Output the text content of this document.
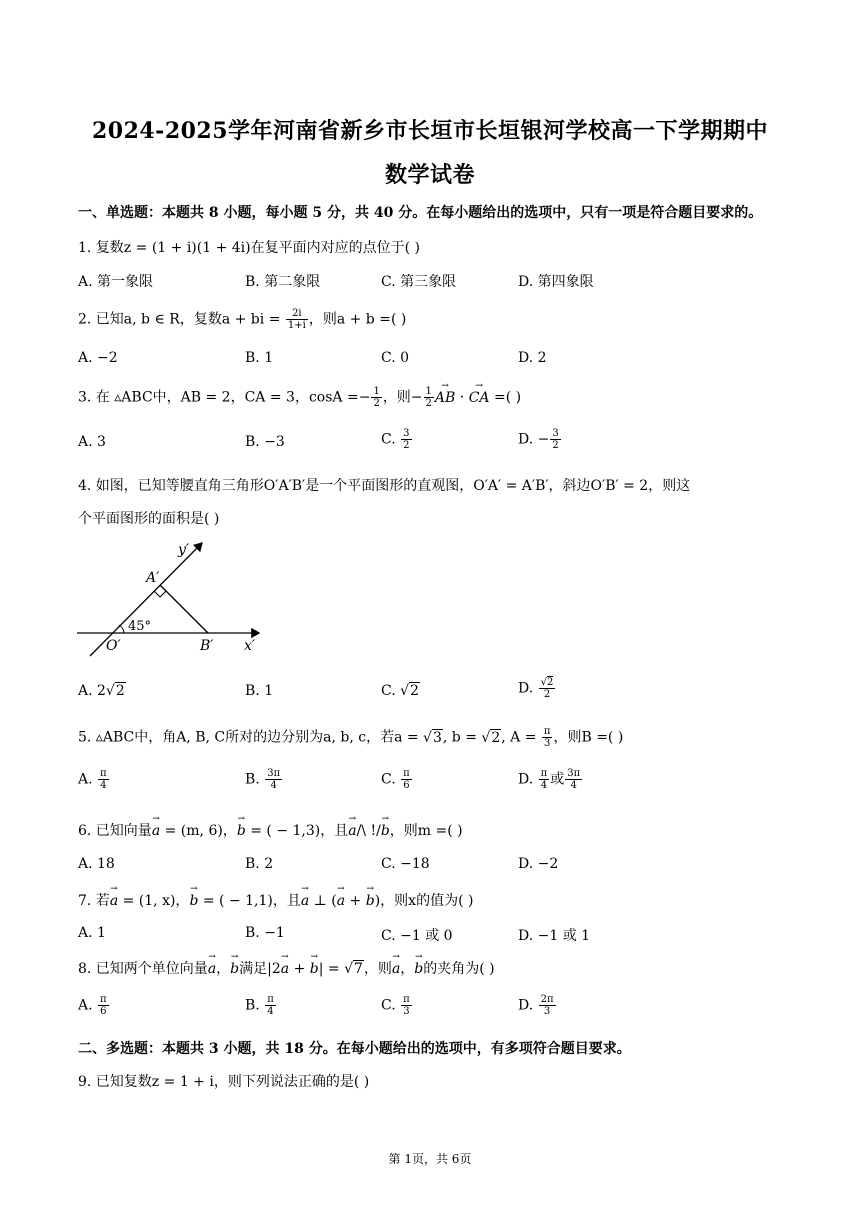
2024-2025学年河南省新乡市长垣市长垣银河学校高一下学期期中
数学试卷
一、单选题：本题共 8 小题，每小题 5 分，共 40 分。在每小题给出的选项中，只有一项是符合题目要求的。
1. 复数z = (1 + i)(1 + 4i)在复平面内对应的点位于( )
A. 第一象限	B. 第二象限	C. 第三象限	D. 第四象限
2. 已知a, b ∈ R，复数a + bi = $\frac{2i}{1+i}$ ，则a + b =( )
A. −2	B. 1	C. 0	D. 2
3. 在 ▵ABC中，AB = 2，CA = 3，$\cos A =- \frac{1}{2}$ ，则− $\frac{1}{2}$
→ AB · → CA =( )
A. 3	B. −3	C. $\frac{3}{2}$	D. − $\frac{3}{2}$
4. 如图，已知等腰直角三角形O′A′B′是一个平面图形的直观图，O′A′ = A′B′，斜边O′B′ = 2，则这
个平面图形的面积是( )
y′
A′
45°
O′	B′ x′
A. 2√2	B. 1	C. √2	D. $\frac{√2}{2}$
5. ▵ABC中，角A, B, C所对的边分别为a, b, c，若a = √3, b = √2, $A = \frac{\pi}{3}$ ，则B =( )
A. $\frac{\pi}{4}$	B. $\frac{3\pi}{4}$	C. $\frac{\pi}{6}$	D. $\frac{\pi}{4}$ 或 $\frac{3\pi}{4}$
6. 已知向量→ a = (m, 6)，→ b = ( − 1,3)，且→ a/\ !/→ b，则m =( )
A. 18	B. 2	C. −18	D. −2
7. 若→ a = (1, x)，→ b = ( − 1,1)，且→ a ⊥ (→ a + → b)，则x的值为( )
A. 1	B. −1	C. −1 或 0	D. −1 或 1
8. 已知两个单位向量→ a，→ b满足|2→ a + → b| = √7，则→ a，→ b的夹角为( )
A. $\frac{\pi}{6}$	B. $\frac{\pi}{4}$	C. $\frac{\pi}{3}$	D. $\frac{2\pi}{3}$
二、多选题：本题共 3 小题，共 18 分。在每小题给出的选项中，有多项符合题目要求。
9. 已知复数z = 1 + i，则下列说法正确的是( )
第 1页，共 6页
